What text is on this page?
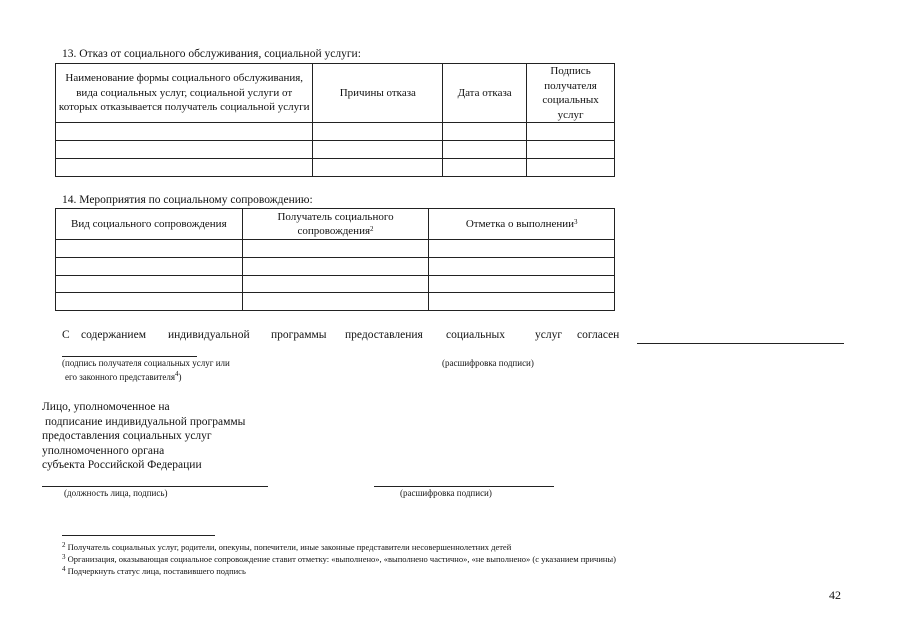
13. Отказ от социального обслуживания, социальной услуги:
Наименование формы социального обслуживания, вида социальных услуг, социальной услуги от которых отказывается получатель социальной услуги	Причины отказа	Дата отказа	Подпись получателя социальных услуг

14. Мероприятия по социальному сопровождению:
Вид социального сопровождения	Получатель социального сопровождения$^2$	Отметка о выполнении$^3$

С содержанием индивидуальной программы предоставления социальных	услуг согласен
(подпись получателя социальных услуг или
его законного представителя$^4$)
(расшифровка подписи)
Лицо, уполномоченное на
подписание индивидуальной программы
предоставления социальных услуг
уполномоченного органа
субъекта Российской Федерации
(должность лица, подпись)	(расшифровка подписи)
$^2$ Получатель социальных услуг, родители, опекуны, попечители, иные законные представители несовершеннолетних детей
$^3$ Организация, оказывающая социальное сопровождение ставит отметку: «выполнено», «выполнено частично», «не выполнено» (с указанием причины)
$^4$ Подчеркнуть статус лица, поставившего подпись
42
